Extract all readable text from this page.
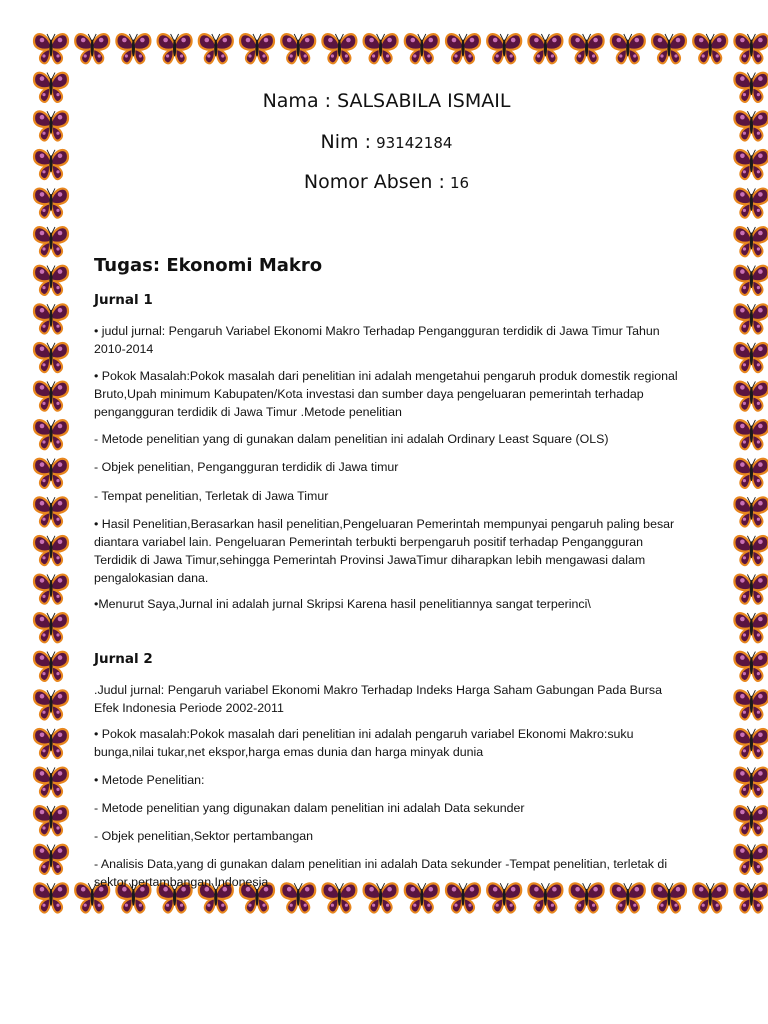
Nama : SALSABILA ISMAIL
Nim : 93142184
Nomor Absen : 16
Tugas: Ekonomi Makro
Jurnal 1

• judul jurnal: Pengaruh Variabel Ekonomi Makro Terhadap Pengangguran terdidik di Jawa Timur Tahun 2010-2014

• Pokok Masalah:Pokok masalah dari penelitian ini adalah mengetahui pengaruh produk domestik regional Bruto,Upah minimum Kabupaten/Kota investasi dan sumber daya pengeluaran pemerintah terhadap pengangguran terdidik di Jawa Timur .Metode penelitian

- Metode penelitian yang di gunakan dalam penelitian ini adalah Ordinary Least Square (OLS)

- Objek penelitian, Pengangguran terdidik di Jawa timur

- Tempat penelitian, Terletak di Jawa Timur

• Hasil Penelitian,Berasarkan hasil penelitian,Pengeluaran Pemerintah mempunyai pengaruh paling besar diantara variabel lain. Pengeluaran Pemerintah terbukti berpengaruh positif terhadap Pengangguran Terdidik di Jawa Timur,sehingga Pemerintah Provinsi JawaTimur diharapkan lebih mengawasi dalam pengalokasian dana.

•Menurut Saya,Jurnal ini adalah jurnal Skripsi Karena hasil penelitiannya sangat terperinci\

Jurnal 2

.Judul jurnal: Pengaruh variabel Ekonomi Makro Terhadap Indeks Harga Saham Gabungan Pada Bursa Efek Indonesia Periode 2002-2011

• Pokok masalah:Pokok masalah dari penelitian ini adalah pengaruh variabel Ekonomi Makro:suku bunga,nilai tukar,net ekspor,harga emas dunia dan harga minyak dunia

• Metode Penelitian:

- Metode penelitian yang digunakan dalam penelitian ini adalah Data sekunder

- Objek penelitian,Sektor pertambangan

- Analisis Data,yang di gunakan dalam penelitian ini adalah Data sekunder -Tempat penelitian, terletak di sektor pertambangan Indonesia
